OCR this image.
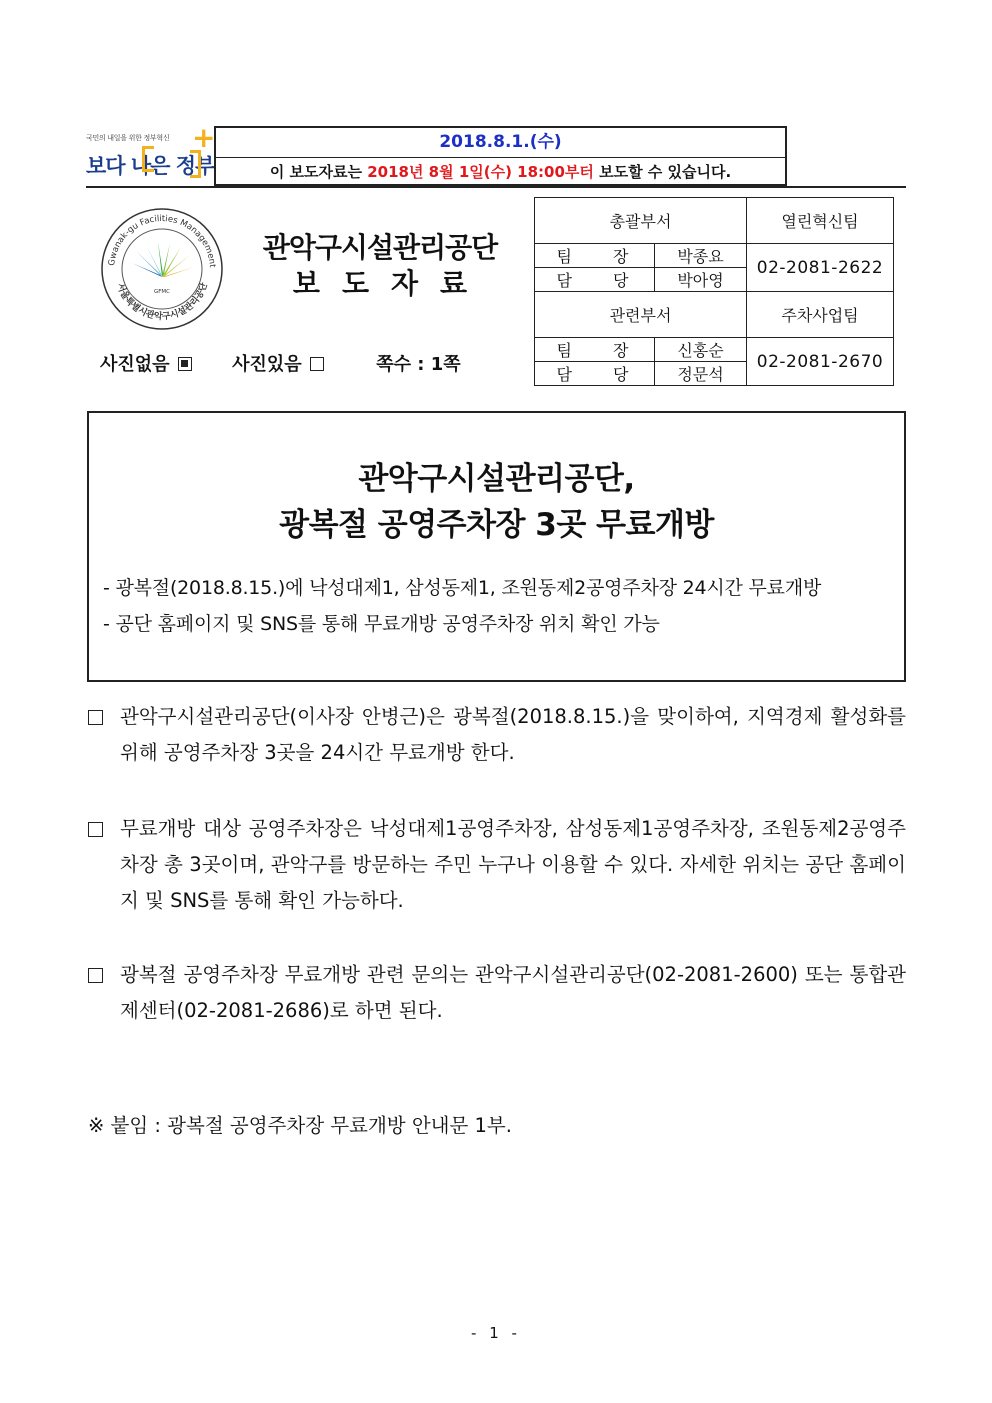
국민의 내일을 위한 정부혁신
보다 나은 정부
+	2018.8.1.(수)
이 보도자료는 2018년 8월 1일(수) 18:00부터 보도할 수 있습니다.
Gwanak-gu Facilities Management
서울특별시관악구시설관리공단
GFMC
관악구시설관리공단
보도자료
사진없음	사진있음	쪽수 : 1쪽
총괄부서		열린혁신팀
팀 장	박종요	02-2081-2622
담 당	박아영	
관련부서		주차사업팀
팀 장	신홍순	02-2081-2670
담 당	정문석	
관악구시설관리공단,
광복절 공영주차장 3곳 무료개방
- 광복절(2018.8.15.)에 낙성대제1, 삼성동제1, 조원동제2공영주차장 24시간 무료개방
- 공단 홈페이지 및 SNS를 통해 무료개방 공영주차장 위치 확인 가능
관악구시설관리공단(이사장 안병근)은 광복절(2018.8.15.)을 맞이하여, 지역경제 활성화를 위해 공영주차장 3곳을 24시간 무료개방 한다.
무료개방 대상 공영주차장은 낙성대제1공영주차장, 삼성동제1공영주차장, 조원동제2공영주차장 총 3곳이며, 관악구를 방문하는 주민 누구나 이용할 수 있다. 자세한 위치는 공단 홈페이지 및 SNS를 통해 확인 가능하다.
광복절 공영주차장 무료개방 관련 문의는 관악구시설관리공단(02-2081-2600) 또는 통합관제센터(02-2081-2686)로 하면 된다.
※ 붙임 : 광복절 공영주차장 무료개방 안내문 1부.
- 1 -
